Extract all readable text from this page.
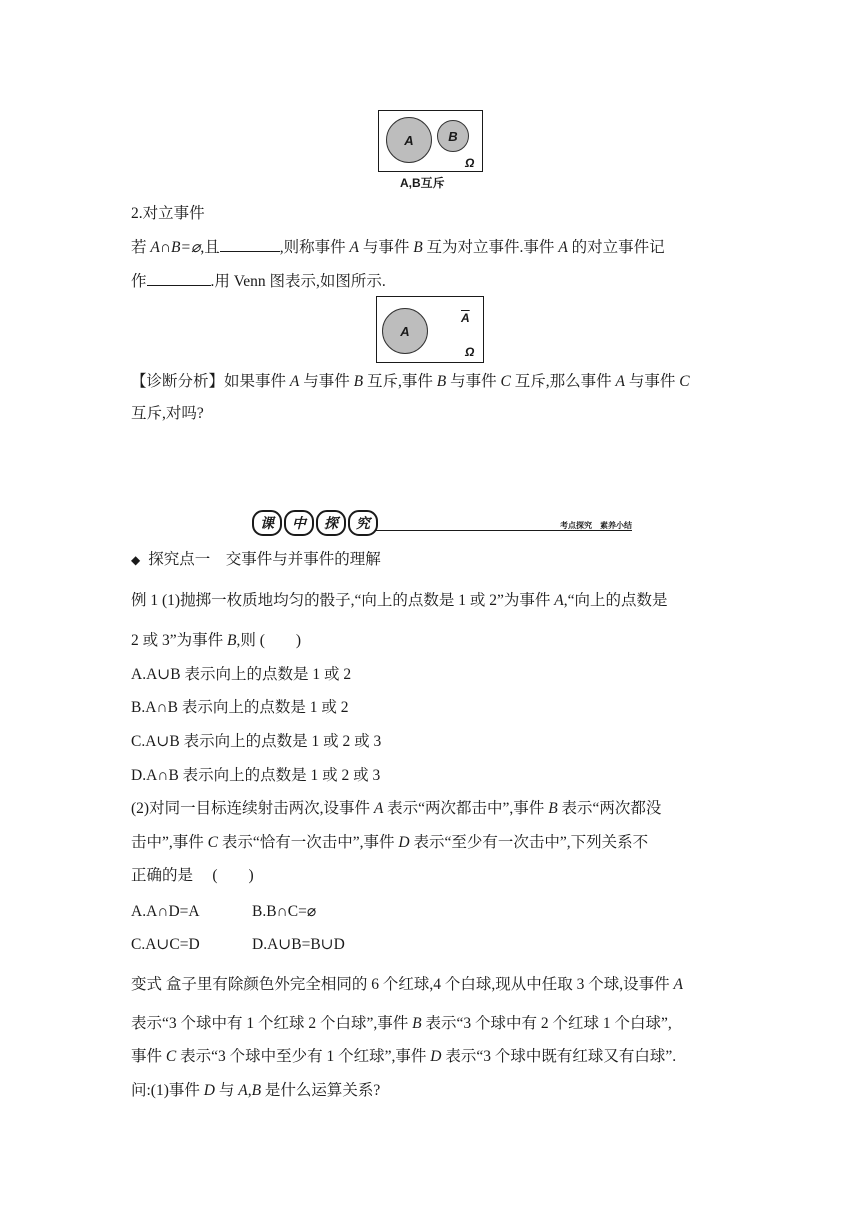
A	B
Ω
A,B互斥
2.对立事件
若 A∩B=⌀,且	,则称事件 A 与事件 B 互为对立事件.事件 A 的对立事件记
作	.用 Venn 图表示,如图所示.
A
$\overline{A}$
Ω
【诊断分析】如果事件 A 与事件 B 互斥,事件 B 与事件 C 互斥,那么事件 A 与事件 C
互斥,对吗?
课	中	探	究	考点探究　素养小结
◆ 探究点一　交事件与并事件的理解
例 1 (1)抛掷一枚质地均匀的骰子,“向上的点数是 1 或 2”为事件 A,“向上的点数是
2 或 3”为事件 B,则 (　　)
A.A∪B 表示向上的点数是 1 或 2
B.A∩B 表示向上的点数是 1 或 2
C.A∪B 表示向上的点数是 1 或 2 或 3
D.A∩B 表示向上的点数是 1 或 2 或 3
(2)对同一目标连续射击两次,设事件 A 表示“两次都击中”,事件 B 表示“两次都没
击中”,事件 C 表示“恰有一次击中”,事件 D 表示“至少有一次击中”,下列关系不
正确的是　 (　　)
A.A∩D=A	B.B∩C=⌀
C.A∪C=D	D.A∪B=B∪D
变式 盒子里有除颜色外完全相同的 6 个红球,4 个白球,现从中任取 3 个球,设事件 A
表示“3 个球中有 1 个红球 2 个白球”,事件 B 表示“3 个球中有 2 个红球 1 个白球”,
事件 C 表示“3 个球中至少有 1 个红球”,事件 D 表示“3 个球中既有红球又有白球”.
问:(1)事件 D 与 A,B 是什么运算关系?
